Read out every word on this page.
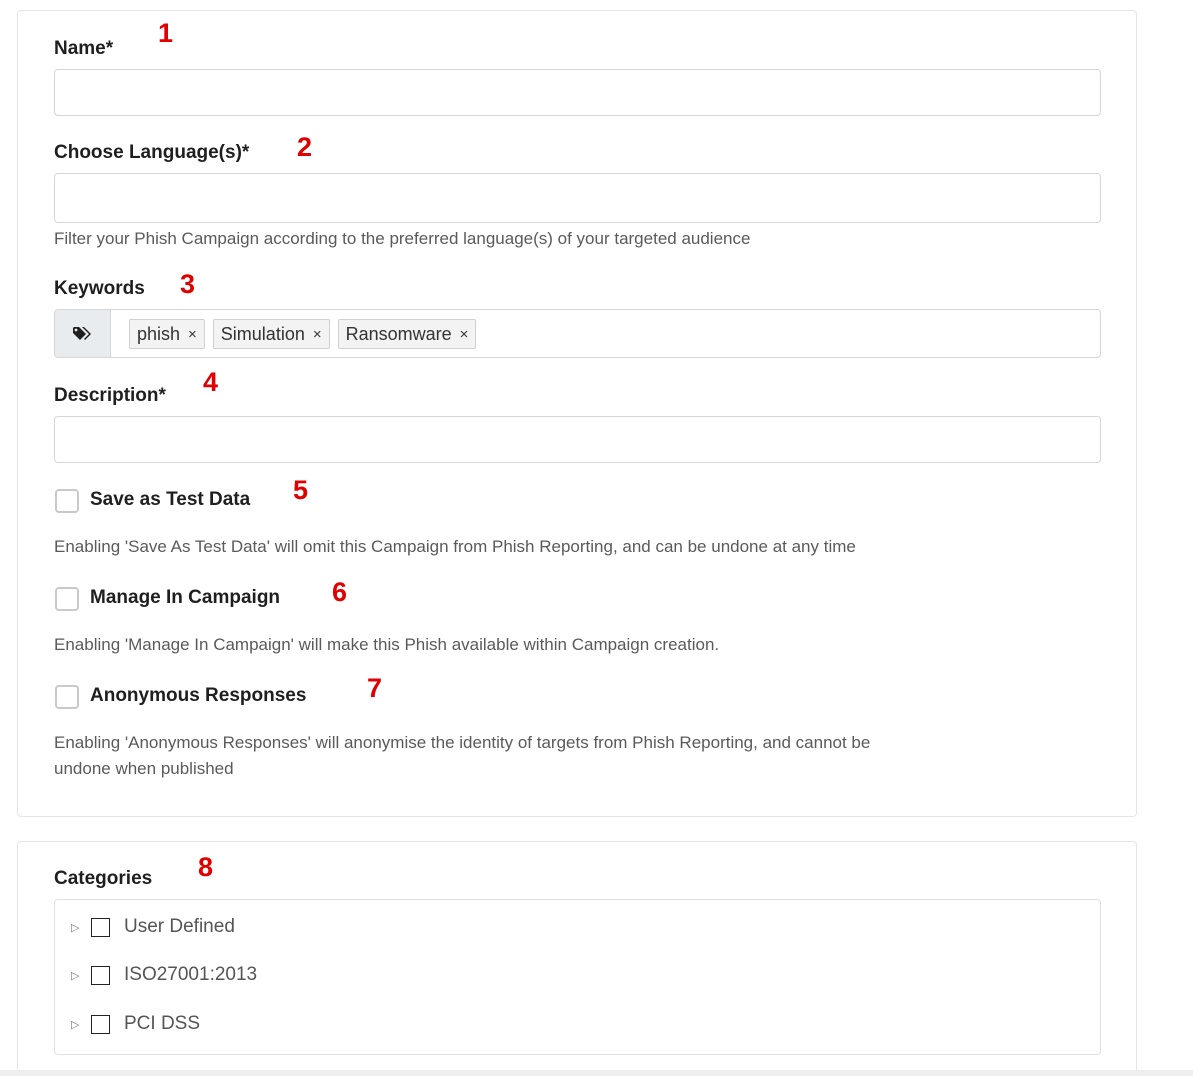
Name*
1
Choose Language(s)* 2
Filter your Phish Campaign according to the preferred language(s) of your targeted audience
Keywords 3
phish × Simulation × Ransomware ×
Description* 4
Save as Test Data 5
Enabling 'Save As Test Data' will omit this Campaign from Phish Reporting, and can be undone at any time
Manage In Campaign 6
Enabling 'Manage In Campaign' will make this Phish available within Campaign creation.
Anonymous Responses 7
Enabling 'Anonymous Responses' will anonymise the identity of targets from Phish Reporting, and cannot be
undone when published
Categories 8
▷	User Defined
▷	ISO27001:2013
▷	PCI DSS
